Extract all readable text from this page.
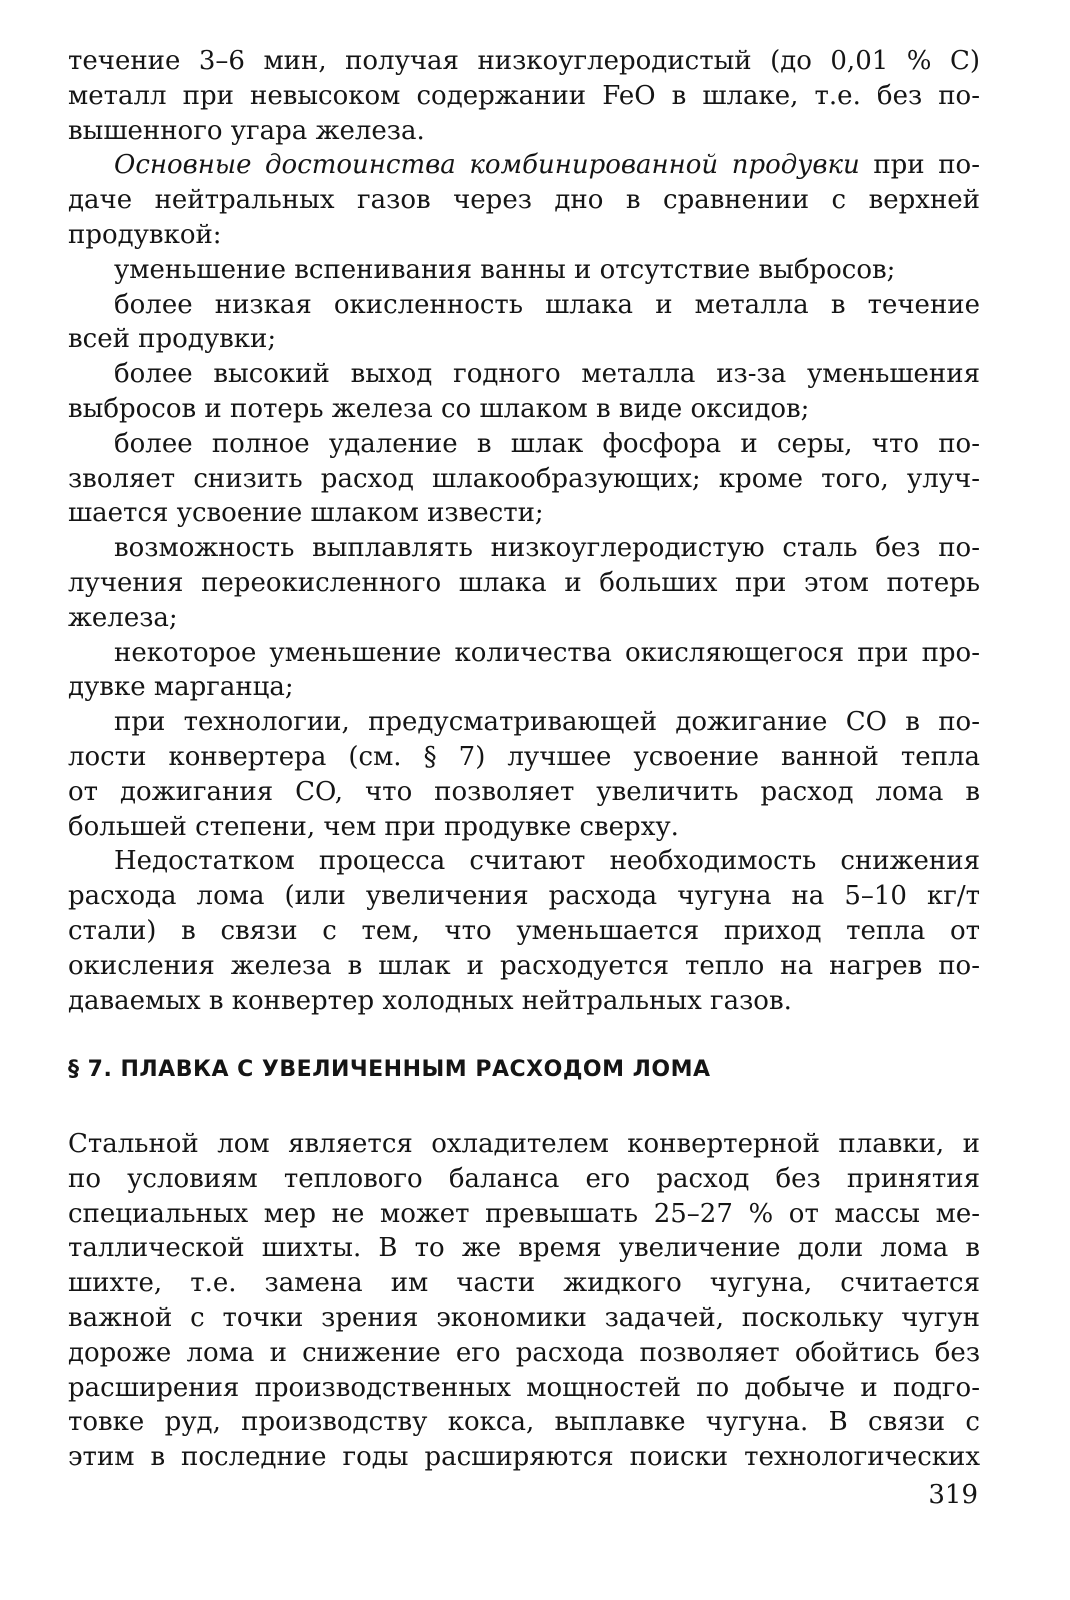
течение 3–6 мин, получая низкоуглеродистый (до 0,01 % C)
металл при невысоком содержании FeO в шлаке, т.е. без по-
вышенного угара железа.
Основные достоинства комбинированной продувки при по-
даче нейтральных газов через дно в сравнении с верхней
продувкой:
уменьшение вспенивания ванны и отсутствие выбросов;
более низкая окисленность шлака и металла в течение
всей продувки;
более высокий выход годного металла из-за уменьшения
выбросов и потерь железа со шлаком в виде оксидов;
более полное удаление в шлак фосфора и серы, что по-
зволяет снизить расход шлакообразующих; кроме того, улуч-
шается усвоение шлаком извести;
возможность выплавлять низкоуглеродистую сталь без по-
лучения переокисленного шлака и больших при этом потерь
железа;
некоторое уменьшение количества окисляющегося при про-
дувке марганца;
при технологии, предусматривающей дожигание CO в по-
лости конвертера (см. § 7) лучшее усвоение ванной тепла
от дожигания CO, что позволяет увеличить расход лома в
большей степени, чем при продувке сверху.
Недостатком процесса считают необходимость снижения
расхода лома (или увеличения расхода чугуна на 5–10 кг/т
стали) в связи с тем, что уменьшается приход тепла от
окисления железа в шлак и расходуется тепло на нагрев по-
даваемых в конвертер холодных нейтральных газов.
§ 7. ПЛАВКА С УВЕЛИЧЕННЫМ РАСХОДОМ ЛОМА
Стальной лом является охладителем конвертерной плавки, и
по условиям теплового баланса его расход без принятия
специальных мер не может превышать 25–27 % от массы ме-
таллической шихты. В то же время увеличение доли лома в
шихте, т.е. замена им части жидкого чугуна, считается
важной с точки зрения экономики задачей, поскольку чугун
дороже лома и снижение его расхода позволяет обойтись без
расширения производственных мощностей по добыче и подго-
товке руд, производству кокса, выплавке чугуна. В связи с
этим в последние годы расширяются поиски технологических
319
